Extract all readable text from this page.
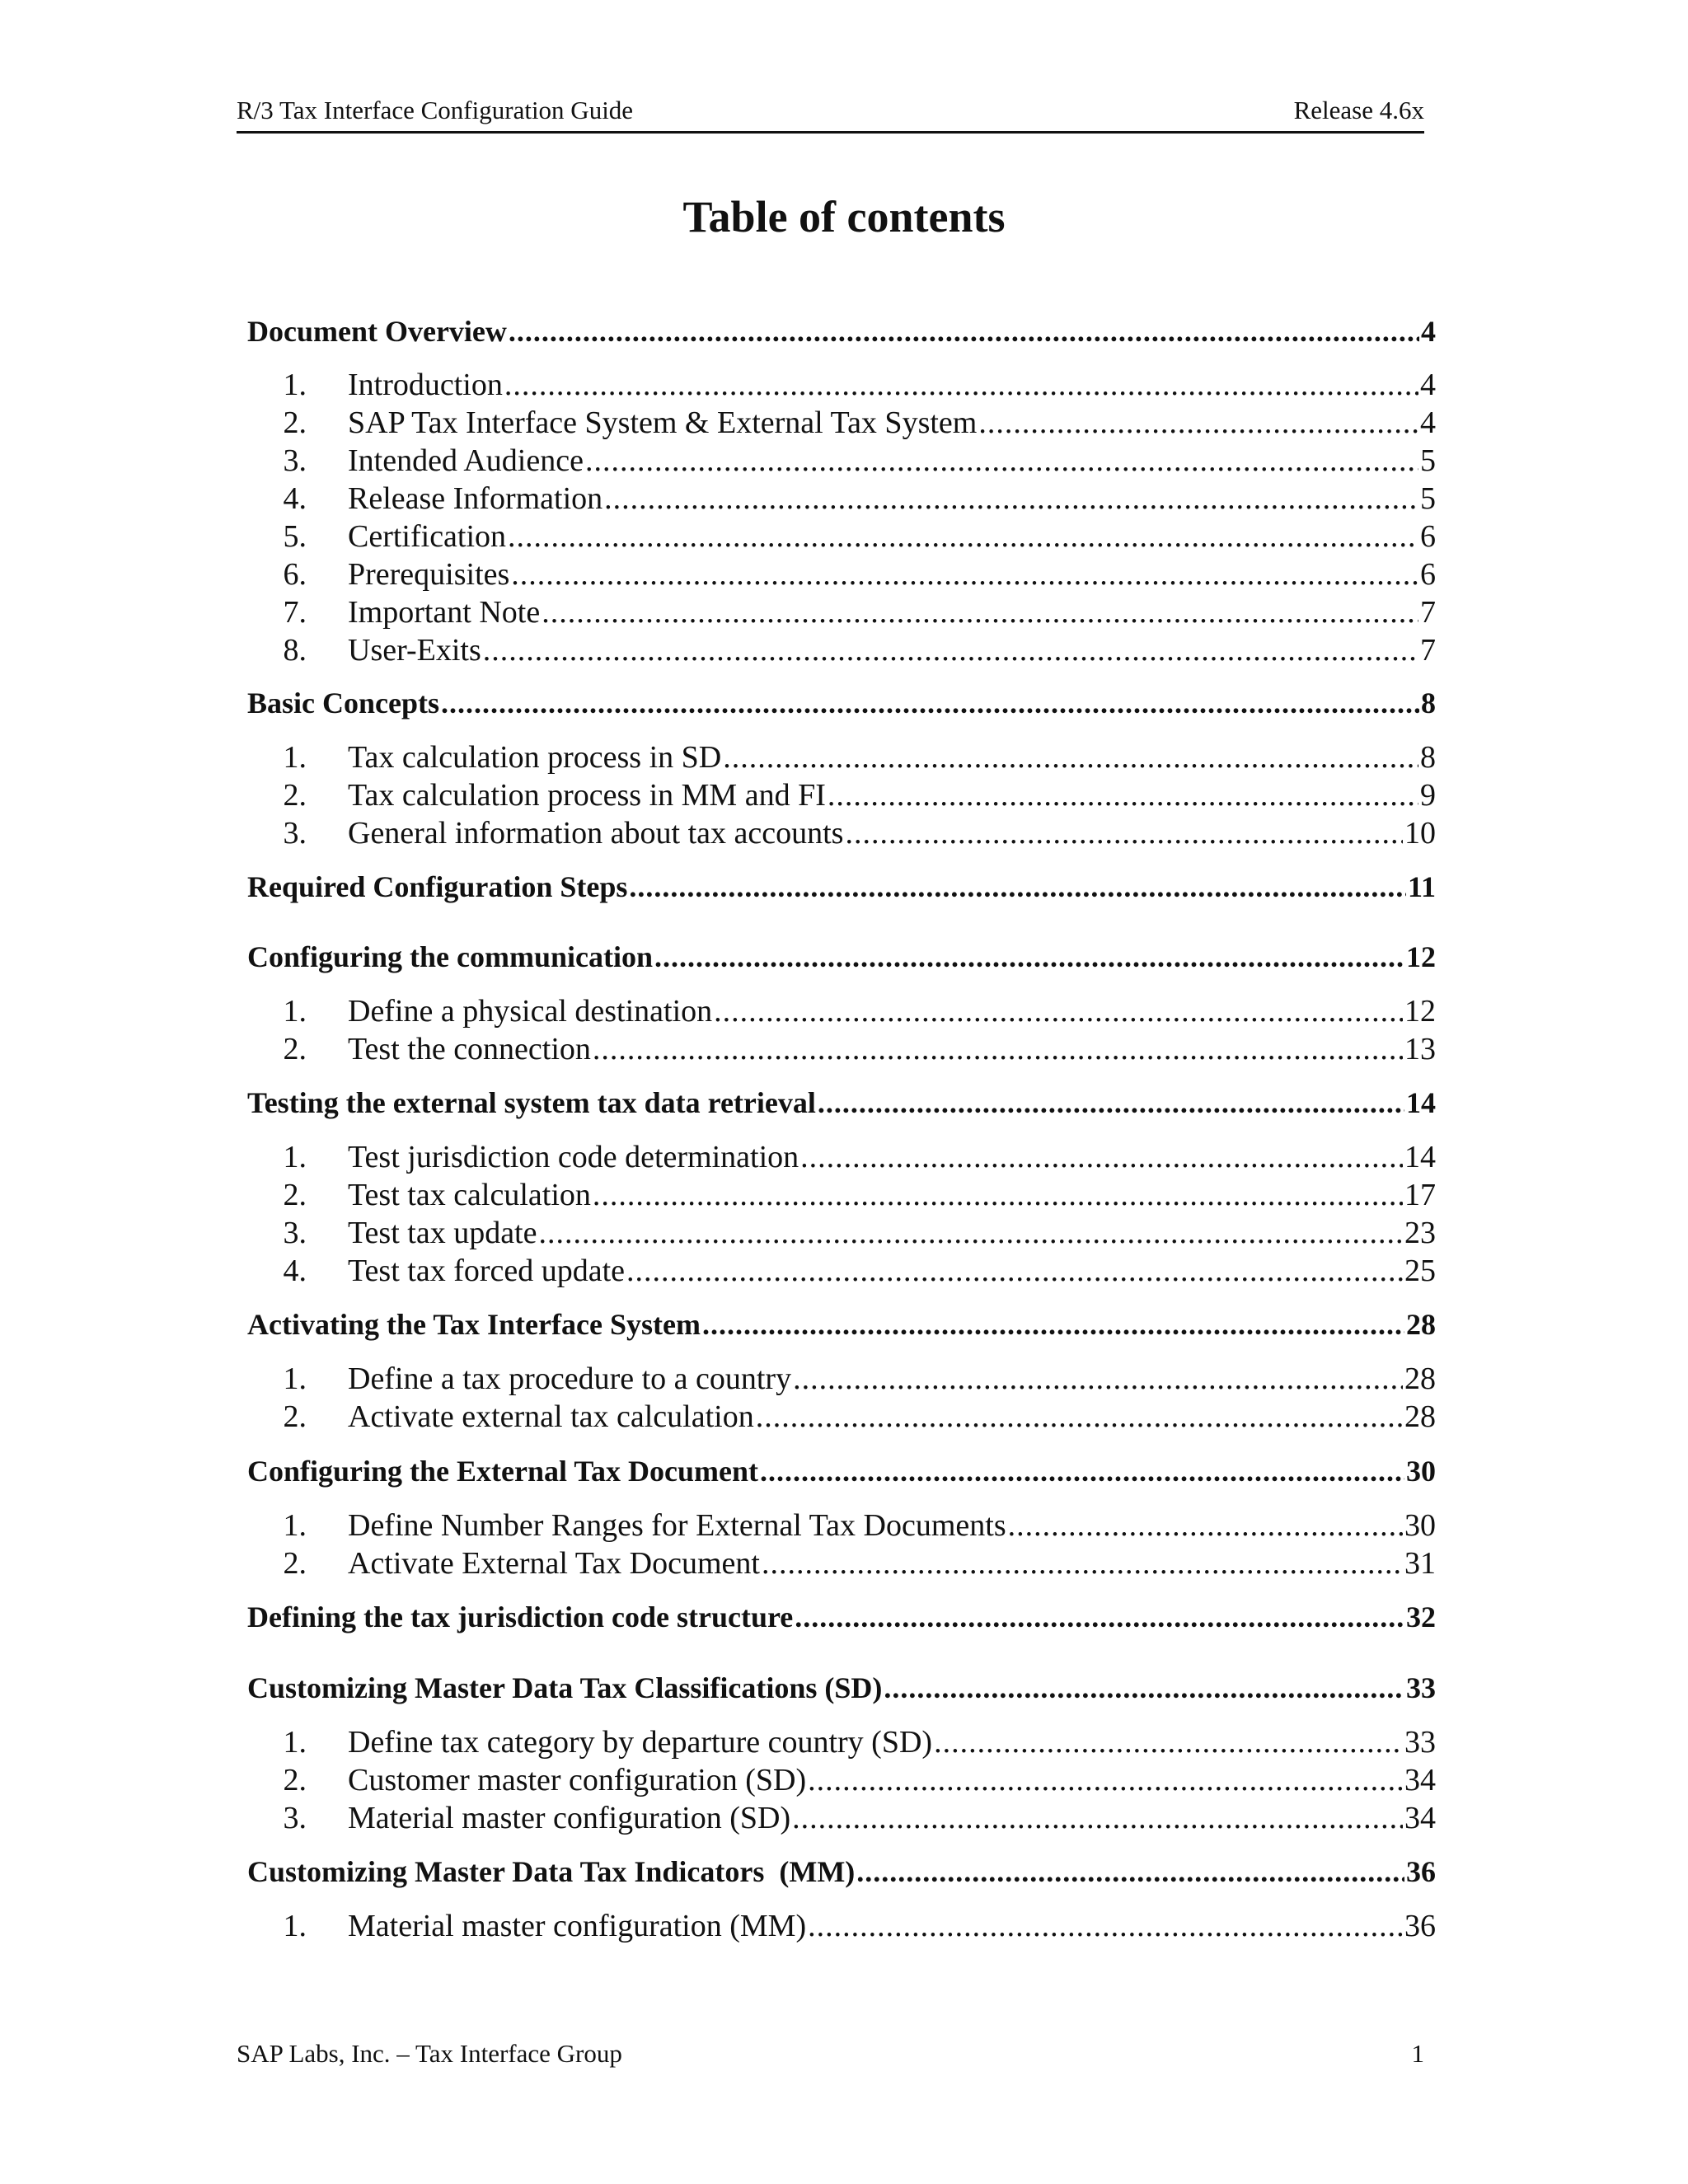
R/3 Tax Interface Configuration Guide	Release 4.6x
Table of contents
Document Overview .....	4
1. Introduction .....	4
2. SAP Tax Interface System & External Tax System .....	4
3. Intended Audience .....	5
4. Release Information .....	5
5. Certification .....	6
6. Prerequisites .....	6
7. Important Note .....	7
8. User-Exits .....	7
Basic Concepts .....	8
1. Tax calculation process in SD .....	8
2. Tax calculation process in MM and FI .....	9
3. General information about tax accounts .....	10
Required Configuration Steps .....	11
Configuring the communication .....	12
1. Define a physical destination .....	12
2. Test the connection .....	13
Testing the external system tax data retrieval .....	14
1. Test jurisdiction code determination .....	14
2. Test tax calculation .....	17
3. Test tax update .....	23
4. Test tax forced update .....	25
Activating the Tax Interface System .....	28
1. Define a tax procedure to a country .....	28
2. Activate external tax calculation .....	28
Configuring the External Tax Document .....	30
1. Define Number Ranges for External Tax Documents .....	30
2. Activate External Tax Document .....	31
Defining the tax jurisdiction code structure .....	32
Customizing Master Data Tax Classifications (SD) .....	33
1. Define tax category by departure country (SD) .....	33
2. Customer master configuration (SD) .....	34
3. Material master configuration (SD) .....	34
Customizing Master Data Tax Indicators  (MM) .....	36
1. Material master configuration (MM) .....	36
SAP Labs, Inc. – Tax Interface Group	1
